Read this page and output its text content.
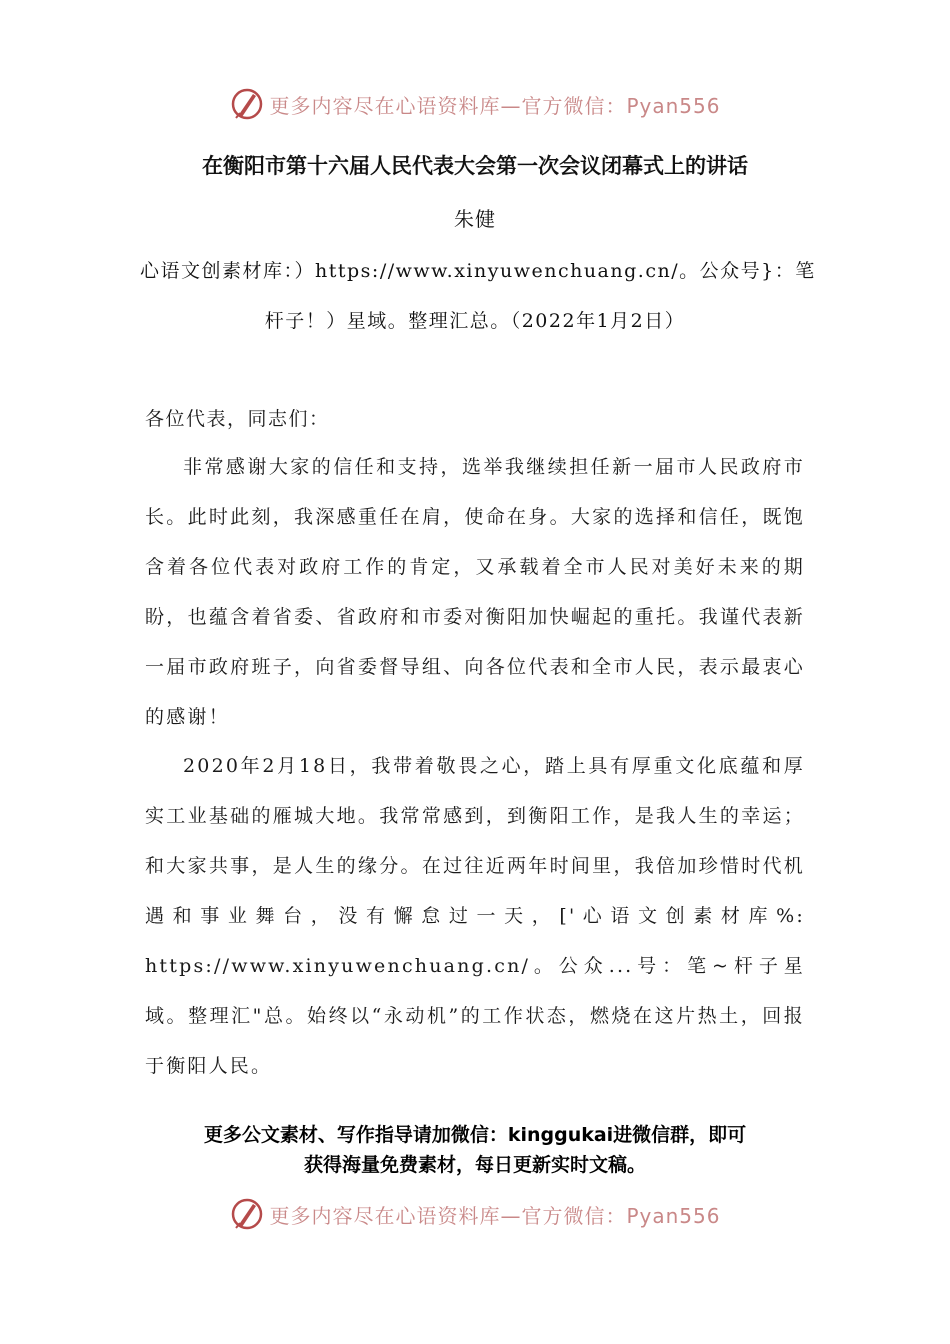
更多内容尽在心语资料库—官方微信：Pyan556
在衡阳市第十六届人民代表大会第一次会议闭幕式上的讲话
朱健
心语文创素材库：）https://www.xinyuwenchuang.cn/。公众号}：笔
杆子！）星域。整理汇总。（2022年1月2日）
各位代表，同志们：

非常感谢大家的信任和支持，选举我继续担任新一届市人民政府市长。此时此刻，我深感重任在肩，使命在身。大家的选择和信任，既饱含着各位代表对政府工作的肯定，又承载着全市人民对美好未来的期盼，也蕴含着省委、省政府和市委对衡阳加快崛起的重托。我谨代表新一届市政府班子，向省委督导组、向各位代表和全市人民，表示最衷心的感谢！

2020年2月18日，我带着敬畏之心，踏上具有厚重文化底蕴和厚实工业基础的雁城大地。我常常感到，到衡阳工作，是我人生的幸运；和大家共事，是人生的缘分。在过往近两年时间里，我倍加珍惜时代机遇和事业舞台，没有懈怠过一天，['心语文创素材库%: https://www.xinyuwenchuang.cn/。公众...号：笔~杆子星域。整理汇"总。始终以“永动机”的工作状态，燃烧在这片热土，回报于衡阳人民。

更多公文素材、写作指导请加微信：kinggukai进微信群，即可
获得海量免费素材，每日更新实时文稿。
更多内容尽在心语资料库—官方微信：Pyan556
